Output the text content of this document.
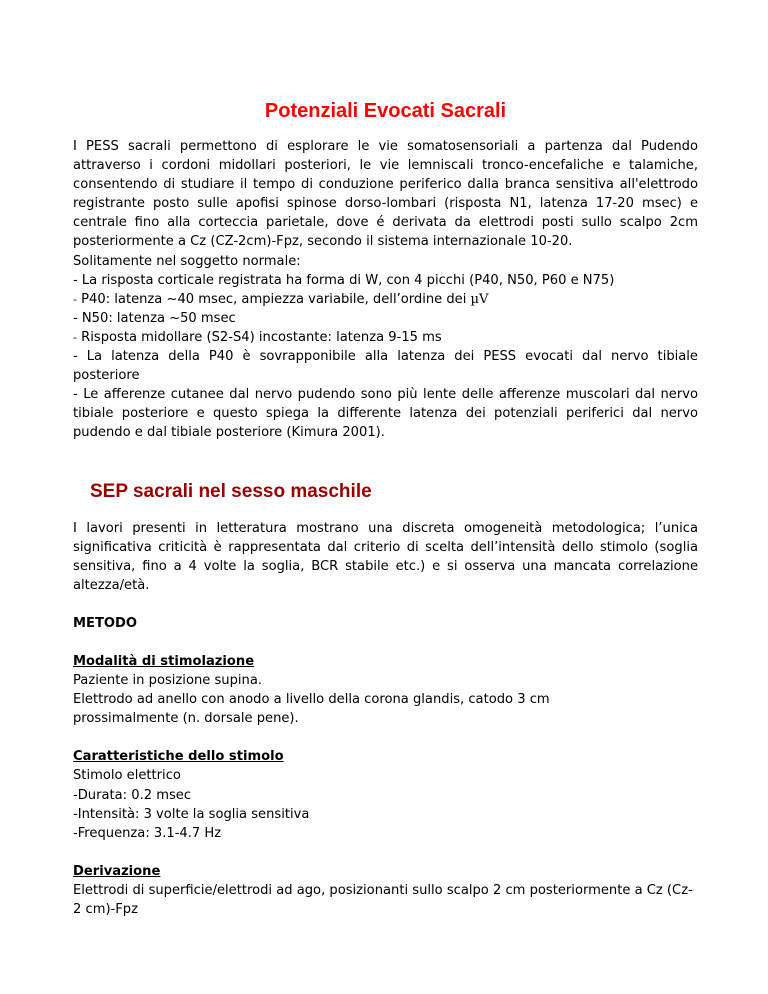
Potenziali Evocati Sacrali

I PESS sacrali permettono di esplorare le vie somatosensoriali a partenza dal Pudendo attraverso i cordoni midollari posteriori, le vie lemniscali tronco-encefaliche e talamiche, consentendo di studiare il tempo di conduzione periferico dalla branca sensitiva all'elettrodo registrante posto sulle apofisi spinose dorso-lombari (risposta N1, latenza 17-20 msec) e centrale fino alla corteccia parietale, dove é derivata da elettrodi posti sullo scalpo 2cm posteriormente a Cz (CZ-2cm)-Fpz, secondo il sistema internazionale 10-20.

Solitamente nel soggetto normale:

- La risposta corticale registrata ha forma di W, con 4 picchi (P40, N50, P60 e N75)

- P40: latenza ~40 msec, ampiezza variabile, dell’ordine dei µV

- N50: latenza ~50 msec

- Risposta midollare (S2-S4) incostante: latenza 9-15 ms

- La latenza della P40 è sovrapponibile alla latenza dei PESS evocati dal nervo tibiale posteriore

- Le afferenze cutanee dal nervo pudendo sono più lente delle afferenze muscolari dal nervo tibiale posteriore e questo spiega la differente latenza dei potenziali periferici dal nervo pudendo e dal tibiale posteriore (Kimura 2001).

SEP sacrali nel sesso maschile

I lavori presenti in letteratura mostrano una discreta omogeneità metodologica; l’unica significativa criticità è rappresentata dal criterio di scelta dell’intensità dello stimolo (soglia sensitiva, fino a 4 volte la soglia, BCR stabile etc.) e si osserva una mancata correlazione altezza/età.

METODO

Modalità di stimolazione

Paziente in posizione supina.

Elettrodo ad anello con anodo a livello della corona glandis, catodo 3 cm prossimalmente (n. dorsale pene).

Caratteristiche dello stimolo

Stimolo elettrico

-Durata: 0.2 msec

-Intensità: 3 volte la soglia sensitiva

-Frequenza: 3.1-4.7 Hz

Derivazione

Elettrodi di superficie/elettrodi ad ago, posizionanti sullo scalpo 2 cm posteriormente a Cz (Cz-2 cm)-Fpz
